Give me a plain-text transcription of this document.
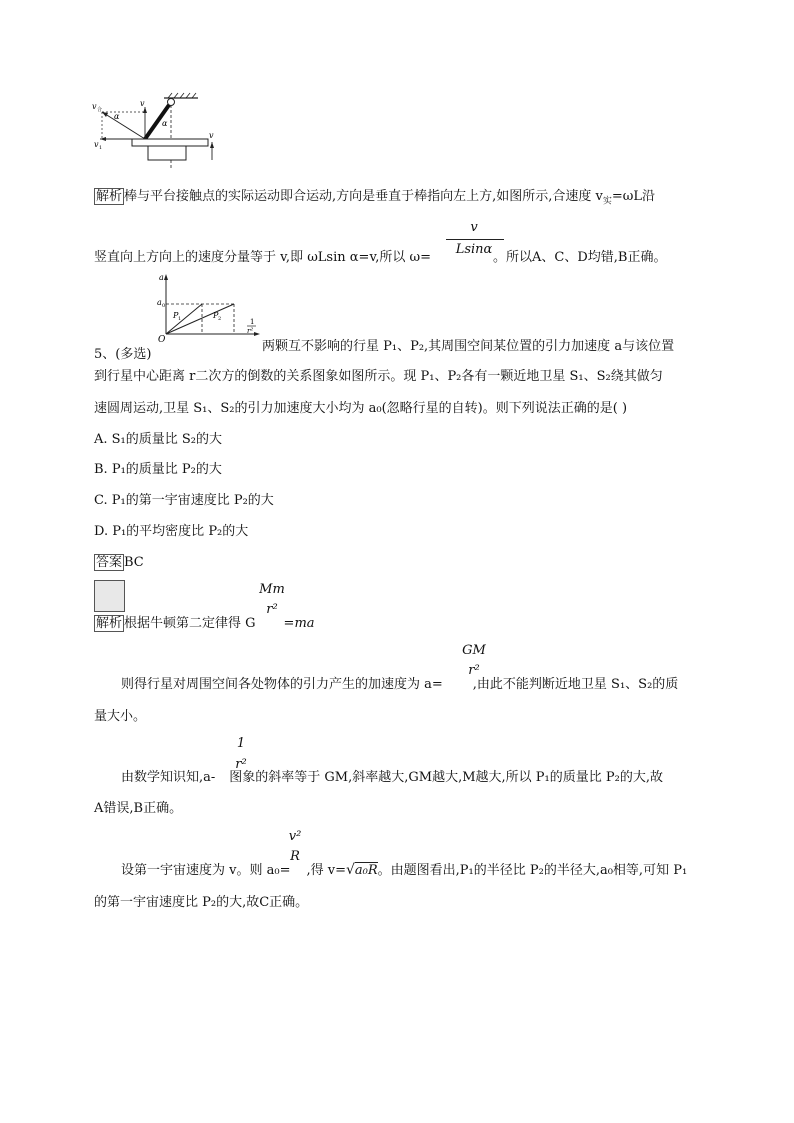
v 合
α
v
α
v
v 1
解析 棒与平台接触点的实际运动即合运动,方向是垂直于棒指向左上方,如图所示,合速度 $v_实=\omega L$沿
竖直向上方向上的速度分量等于 v,即 ωLsin α=v,所以 ω=	。所以A、C、D均错,B正确。
v
Lsinα
a
a 0
P 1	P 2	1
r²
O
5、(多选)
两颗互不影响的行星 P₁、P₂,其周围空间某位置的引力加速度 a与该位置
到行星中心距离 r二次方的倒数的关系图象如图所示。现 P₁、P₂各有一颗近地卫星 S₁、S₂绕其做匀
速圆周运动,卫星 S₁、S₂的引力加速度大小均为 a₀(忽略行星的自转)。则下列说法正确的是( )
A. S₁的质量比 S₂的大
B. P₁的质量比 P₂的大
C. P₁的第一宇宙速度比 P₂的大
D. P₁的平均密度比 P₂的大
答案 BC
解析 根据牛顿第二定律得 G =ma
Mm
r²
则得行星对周围空间各处物体的引力产生的加速度为 a= ,由此不能判断近地卫星 S₁、S₂的质
GM
r²
量大小。
由数学知识知,a- 图象的斜率等于 GM,斜率越大,GM越大,M越大,所以 P₁的质量比 P₂的大,故
1
r²
A错误,B正确。
设第一宇宙速度为 v。则 a₀= ,得 v=√a₀R。由题图看出,P₁的半径比 P₂的半径大,a₀相等,可知 P₁
v²
R
的第一宇宙速度比 P₂的大,故C正确。
